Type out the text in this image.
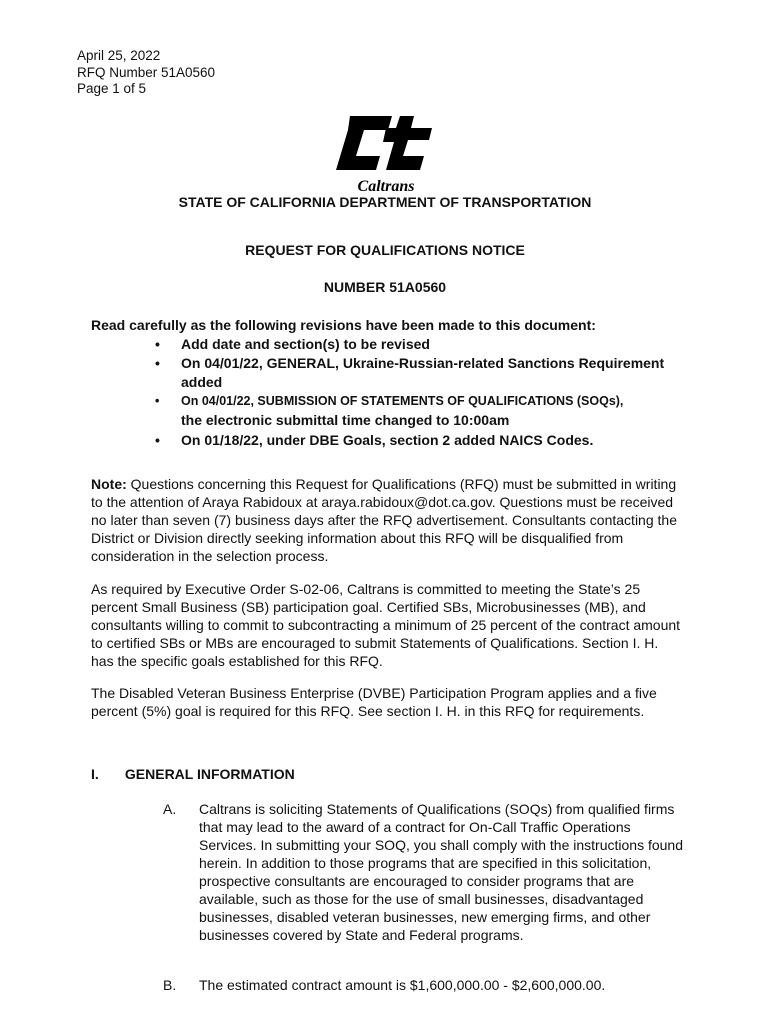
April 25, 2022
RFQ Number 51A0560
Page 1 of 5
Caltrans
STATE OF CALIFORNIA DEPARTMENT OF TRANSPORTATION
REQUEST FOR QUALIFICATIONS NOTICE
NUMBER 51A0560
Read carefully as the following revisions have been made to this document:
• Add date and section(s) to be revised
• On 04/01/22, GENERAL, Ukraine-Russian-related Sanctions Requirement added
• On 04/01/22, SUBMISSION OF STATEMENTS OF QUALIFICATIONS (SOQs),
the electronic submittal time changed to 10:00am
• On 01/18/22, under DBE Goals, section 2 added NAICS Codes.
Note: Questions concerning this Request for Qualifications (RFQ) must be submitted in writing to the attention of Araya Rabidoux at araya.rabidoux@dot.ca.gov. Questions must be received no later than seven (7) business days after the RFQ advertisement. Consultants contacting the District or Division directly seeking information about this RFQ will be disqualified from consideration in the selection process.
As required by Executive Order S-02-06, Caltrans is committed to meeting the State’s 25 percent Small Business (SB) participation goal. Certified SBs, Microbusinesses (MB), and consultants willing to commit to subcontracting a minimum of 25 percent of the contract amount to certified SBs or MBs are encouraged to submit Statements of Qualifications. Section I. H. has the specific goals established for this RFQ.
The Disabled Veteran Business Enterprise (DVBE) Participation Program applies and a five percent (5%) goal is required for this RFQ. See section I. H. in this RFQ for requirements.
I. GENERAL INFORMATION
A. Caltrans is soliciting Statements of Qualifications (SOQs) from qualified firms that may lead to the award of a contract for On-Call Traffic Operations Services. In submitting your SOQ, you shall comply with the instructions found herein. In addition to those programs that are specified in this solicitation, prospective consultants are encouraged to consider programs that are available, such as those for the use of small businesses, disadvantaged businesses, disabled veteran businesses, new emerging firms, and other businesses covered by State and Federal programs.
B. The estimated contract amount is $1,600,000.00 - $2,600,000.00.
